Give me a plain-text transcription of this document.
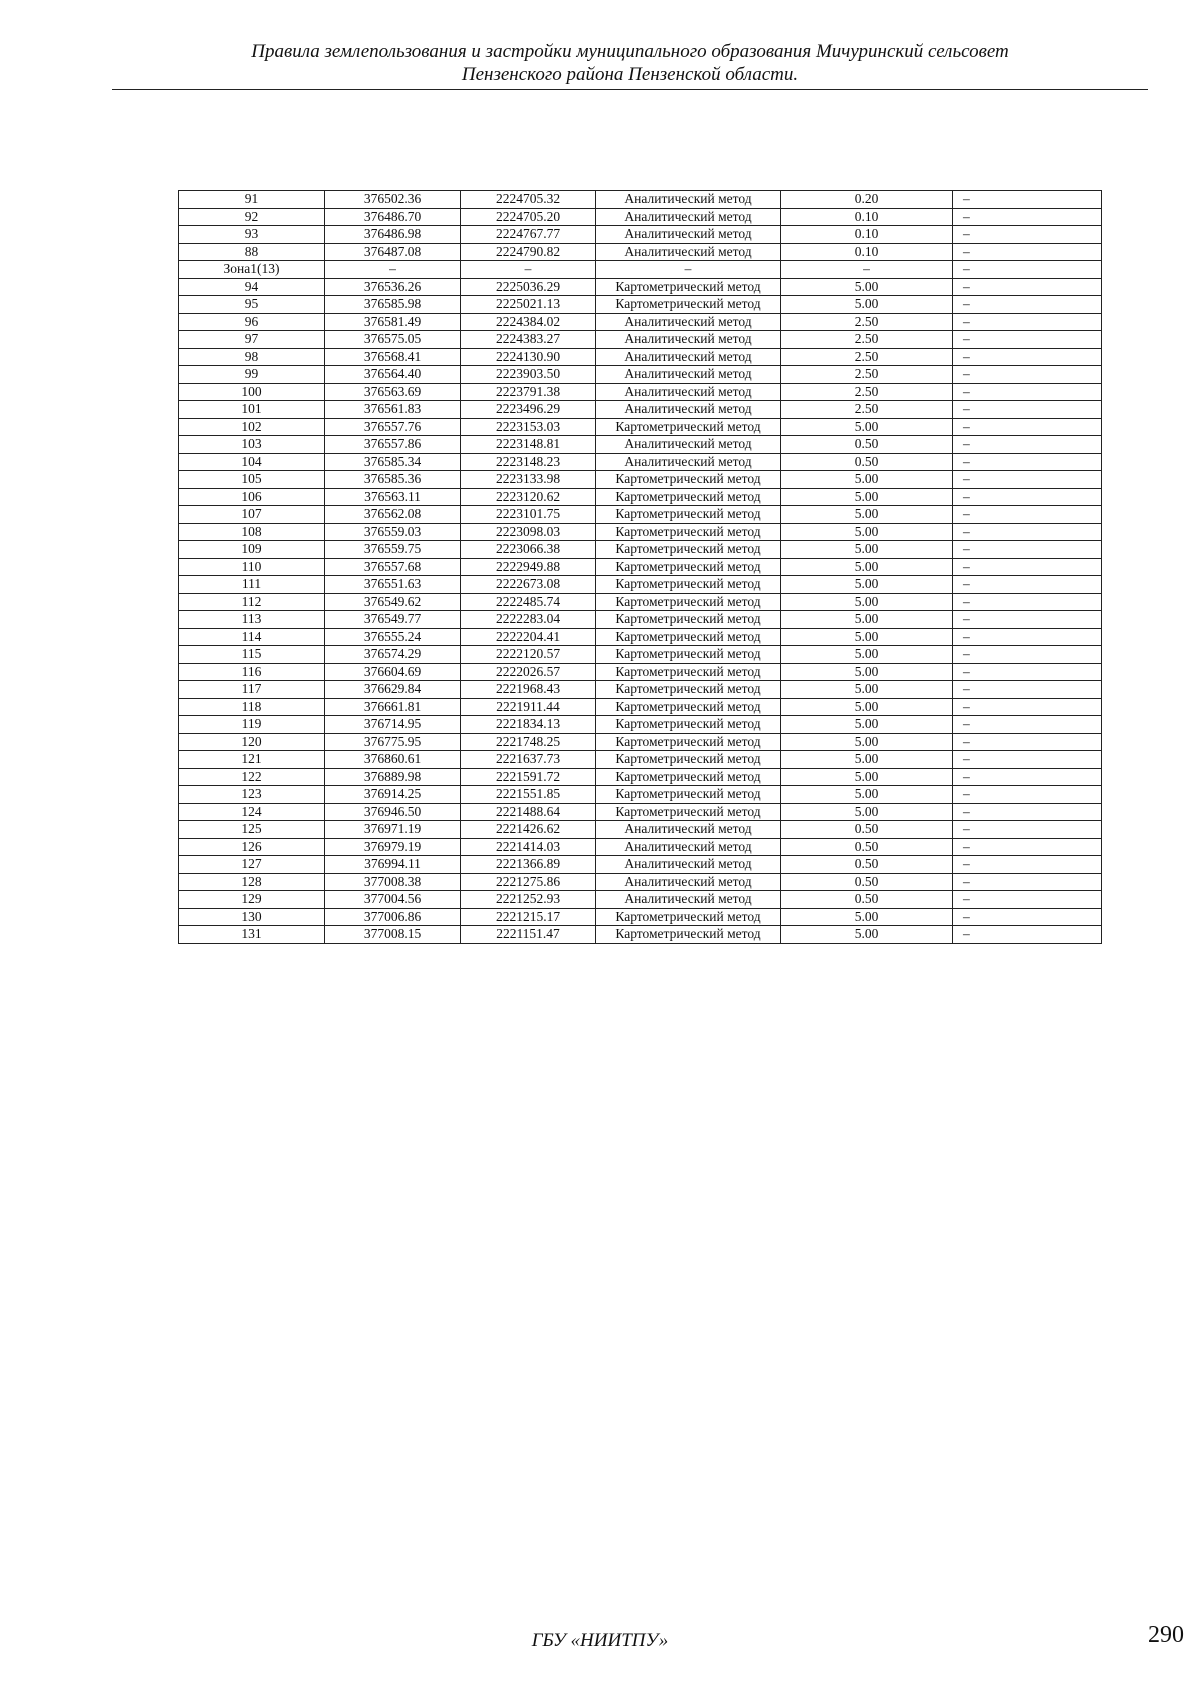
Правила землепользования и застройки муниципального образования Мичуринский сельсовет
Пензенского района Пензенской области.
91	376502.36	2224705.32	Аналитический метод	0.20	–
92	376486.70	2224705.20	Аналитический метод	0.10	–
93	376486.98	2224767.77	Аналитический метод	0.10	–
88	376487.08	2224790.82	Аналитический метод	0.10	–
Зона1(13)	–	–	–	–	–
94	376536.26	2225036.29	Картометрический метод	5.00	–
95	376585.98	2225021.13	Картометрический метод	5.00	–
96	376581.49	2224384.02	Аналитический метод	2.50	–
97	376575.05	2224383.27	Аналитический метод	2.50	–
98	376568.41	2224130.90	Аналитический метод	2.50	–
99	376564.40	2223903.50	Аналитический метод	2.50	–
100	376563.69	2223791.38	Аналитический метод	2.50	–
101	376561.83	2223496.29	Аналитический метод	2.50	–
102	376557.76	2223153.03	Картометрический метод	5.00	–
103	376557.86	2223148.81	Аналитический метод	0.50	–
104	376585.34	2223148.23	Аналитический метод	0.50	–
105	376585.36	2223133.98	Картометрический метод	5.00	–
106	376563.11	2223120.62	Картометрический метод	5.00	–
107	376562.08	2223101.75	Картометрический метод	5.00	–
108	376559.03	2223098.03	Картометрический метод	5.00	–
109	376559.75	2223066.38	Картометрический метод	5.00	–
110	376557.68	2222949.88	Картометрический метод	5.00	–
111	376551.63	2222673.08	Картометрический метод	5.00	–
112	376549.62	2222485.74	Картометрический метод	5.00	–
113	376549.77	2222283.04	Картометрический метод	5.00	–
114	376555.24	2222204.41	Картометрический метод	5.00	–
115	376574.29	2222120.57	Картометрический метод	5.00	–
116	376604.69	2222026.57	Картометрический метод	5.00	–
117	376629.84	2221968.43	Картометрический метод	5.00	–
118	376661.81	2221911.44	Картометрический метод	5.00	–
119	376714.95	2221834.13	Картометрический метод	5.00	–
120	376775.95	2221748.25	Картометрический метод	5.00	–
121	376860.61	2221637.73	Картометрический метод	5.00	–
122	376889.98	2221591.72	Картометрический метод	5.00	–
123	376914.25	2221551.85	Картометрический метод	5.00	–
124	376946.50	2221488.64	Картометрический метод	5.00	–
125	376971.19	2221426.62	Аналитический метод	0.50	–
126	376979.19	2221414.03	Аналитический метод	0.50	–
127	376994.11	2221366.89	Аналитический метод	0.50	–
128	377008.38	2221275.86	Аналитический метод	0.50	–
129	377004.56	2221252.93	Аналитический метод	0.50	–
130	377006.86	2221215.17	Картометрический метод	5.00	–
131	377008.15	2221151.47	Картометрический метод	5.00	–
ГБУ «НИИТПУ»	290
